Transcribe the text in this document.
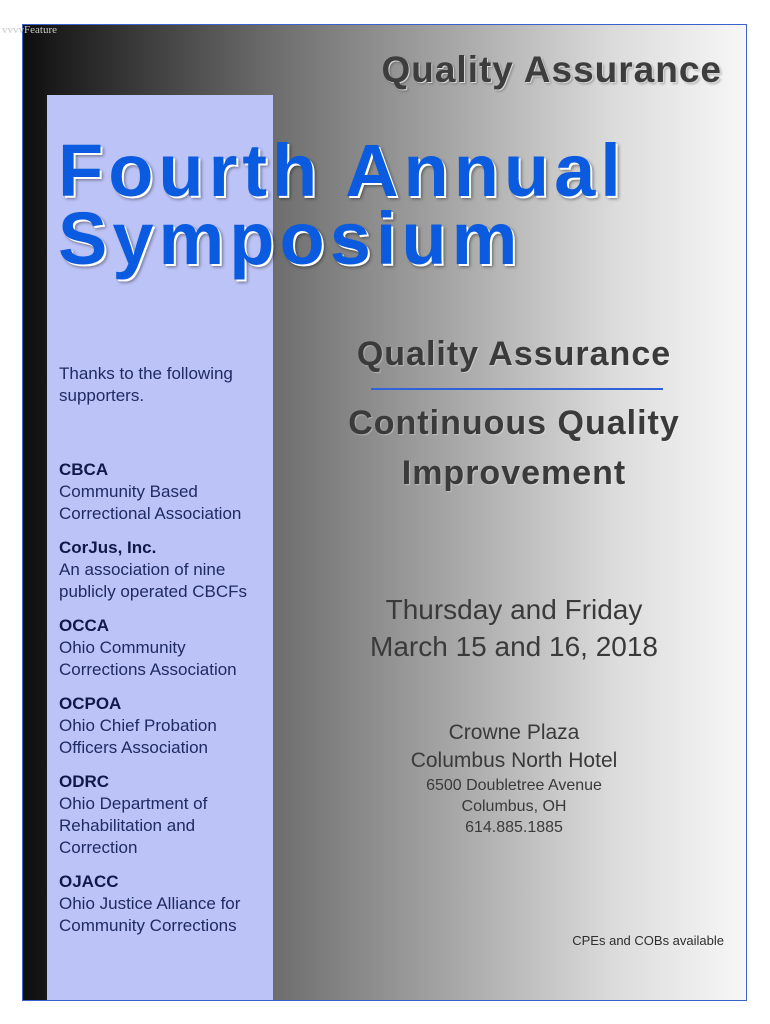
vvvvFeature
Quality Assurance
Fourth Annual
Symposium

Thanks to the following supporters.

CBCA
Community Based Correctional Association
CorJus, Inc.
An association of nine publicly operated CBCFs
OCCA
Ohio Community Corrections Association
OCPOA
Ohio Chief Probation Officers Association
ODRC
Ohio Department of Rehabilitation and Correction
OJACC
Ohio Justice Alliance for Community Corrections
Quality Assurance
Continuous Quality
Improvement
Thursday and Friday
March 15 and 16, 2018
Crowne Plaza
Columbus North Hotel
6500 Doubletree Avenue
Columbus, OH
614.885.1885
CPEs and COBs available
